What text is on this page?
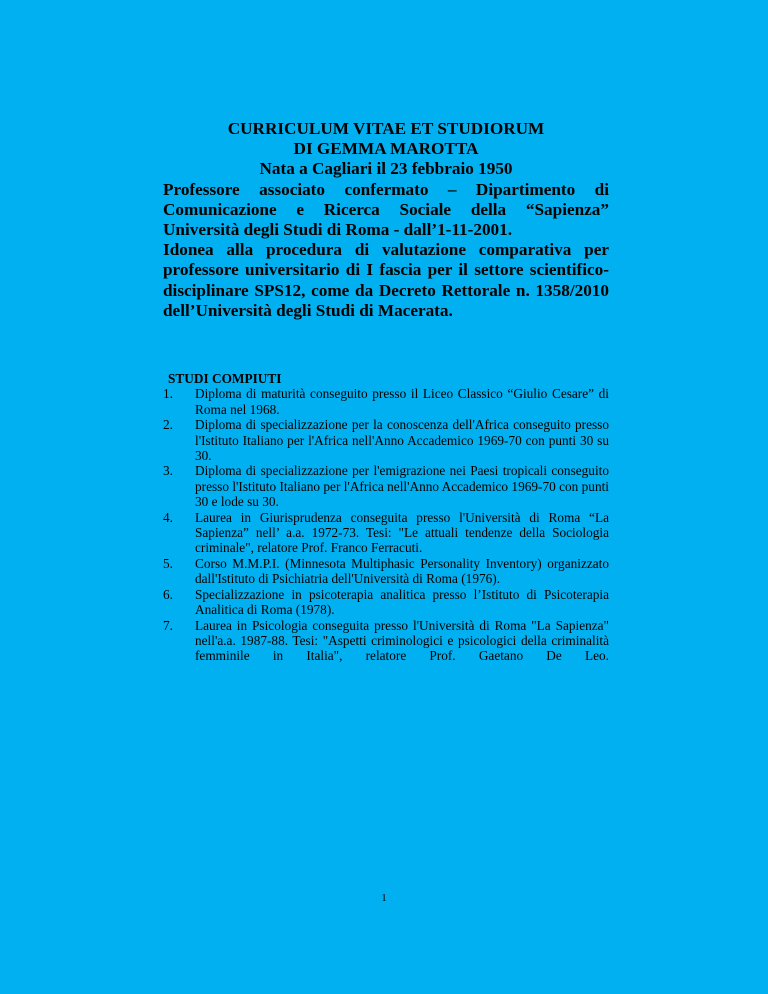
CURRICULUM VITAE ET STUDIORUM
DI GEMMA MAROTTA
Nata a Cagliari il 23 febbraio 1950
Professore associato confermato – Dipartimento di Comunicazione e Ricerca Sociale della “Sapienza” Università degli Studi di Roma - dall’1-11-2001.
Idonea alla procedura di valutazione comparativa per professore universitario di I fascia per il settore scientifico-disciplinare SPS12, come da Decreto Rettorale n. 1358/2010 dell’Università degli Studi di Macerata.
STUDI COMPIUTI
1. Diploma di maturità conseguito presso il Liceo Classico “Giulio Cesare” di Roma nel 1968.
2. Diploma di specializzazione per la conoscenza dell'Africa conseguito presso l'Istituto Italiano per l'Africa nell'Anno Accademico 1969-70 con punti 30 su 30.
3. Diploma di specializzazione per l'emigrazione nei Paesi tropicali conseguito presso l'Istituto Italiano per l'Africa nell'Anno Accademico 1969-70 con punti 30 e lode su 30.
4. Laurea in Giurisprudenza conseguita presso l'Università di Roma “La Sapienza” nell’ a.a. 1972-73. Tesi: "Le attuali tendenze della Sociologia criminale", relatore Prof. Franco Ferracuti.
5. Corso M.M.P.I. (Minnesota Multiphasic Personality Inventory) organizzato dall'Istituto di Psichiatria dell'Università di Roma (1976).
6. Specializzazione in psicoterapia analitica presso l’Istituto di Psicoterapia Analitica di Roma (1978).
7. Laurea in Psicologia conseguita presso l'Università di Roma "La Sapienza" nell'a.a. 1987-88. Tesi: "Aspetti criminologici e psicologici della criminalità femminile in Italia", relatore Prof. Gaetano De Leo.
1
